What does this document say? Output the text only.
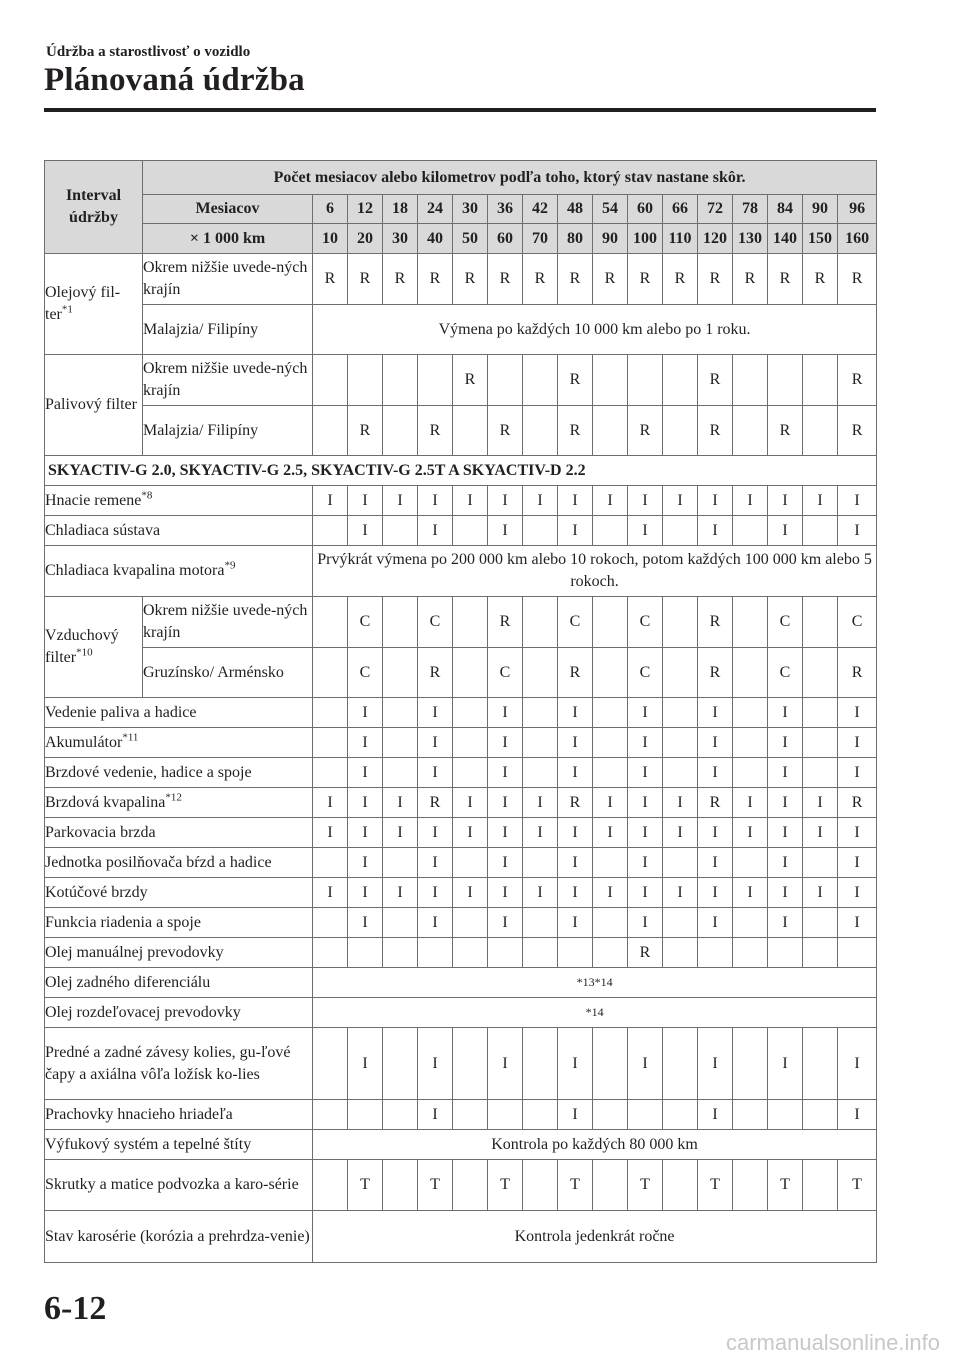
Údržba a starostlivosť o vozidlo
Plánovaná údržba
Interval údržby	Počet mesiacov alebo kilometrov podľa toho, ktorý stav nastane skôr.																
	Mesiacov	6	12	18	24	30	36	42	48	54	60	66	72	78	84	90	96
	× 1 000 km	10	20	30	40	50	60	70	80	90	100	110	120	130	140	150	160
Olejový fil-ter$^{*1}$	Okrem nižšie uvede-ných krajín	R	R	R	R	R	R	R	R	R	R	R	R	R	R	R	R
	Malajzia/ Filipíny	Výmena po každých 10 000 km alebo po 1 roku.															
Palivový filter	Okrem nižšie uvede-ných krajín					R			R				R				R
	Malajzia/ Filipíny		R		R		R		R		R		R		R		R
SKYACTIV-G 2.0, SKYACTIV-G 2.5, SKYACTIV-G 2.5T A SKYACTIV-D 2.2																	
Hnacie remene$^{*8}$		I	I	I	I	I	I	I	I	I	I	I	I	I	I	I	I
Chladiaca sústava			I		I		I		I		I		I		I		I
Chladiaca kvapalina motora$^{*9}$		Prvýkrát výmena po 200 000 km alebo 10 rokoch, potom každých 100 000 km alebo 5 rokoch.															
Vzduchový filter$^{*10}$	Okrem nižšie uvede-ných krajín		C		C		R		C		C		R		C		C
	Gruzínsko/ Arménsko		C		R		C		R		C		R		C		R
Vedenie paliva a hadice			I		I		I		I		I		I		I		I
Akumulátor$^{*11}$			I		I		I		I		I		I		I		I
Brzdové vedenie, hadice a spoje			I		I		I		I		I		I		I		I
Brzdová kvapalina$^{*12}$		I	I	I	R	I	I	I	R	I	I	I	R	I	I	I	R
Parkovacia brzda		I	I	I	I	I	I	I	I	I	I	I	I	I	I	I	I
Jednotka posilňovača bŕzd a hadice			I		I		I		I		I		I		I		I
Kotúčové brzdy		I	I	I	I	I	I	I	I	I	I	I	I	I	I	I	I
Funkcia riadenia a spoje			I		I		I		I		I		I		I		I
Olej manuálnej prevodovky											R						
Olej zadného diferenciálu		*13*14															
Olej rozdeľovacej prevodovky		*14															
Predné a zadné závesy kolies, gu-ľové čapy a axiálna vôľa ložísk ko-lies			I		I		I		I		I		I		I		I
Prachovky hnacieho hriadeľa					I				I				I				I
Výfukový systém a tepelné štíty		Kontrola po každých 80 000 km															
Skrutky a matice podvozka a karo-série			T		T		T		T		T		T		T		T
Stav karosérie (korózia a prehrdza-venie)		Kontrola jedenkrát ročne															
6-12
carmanualsonline.info
